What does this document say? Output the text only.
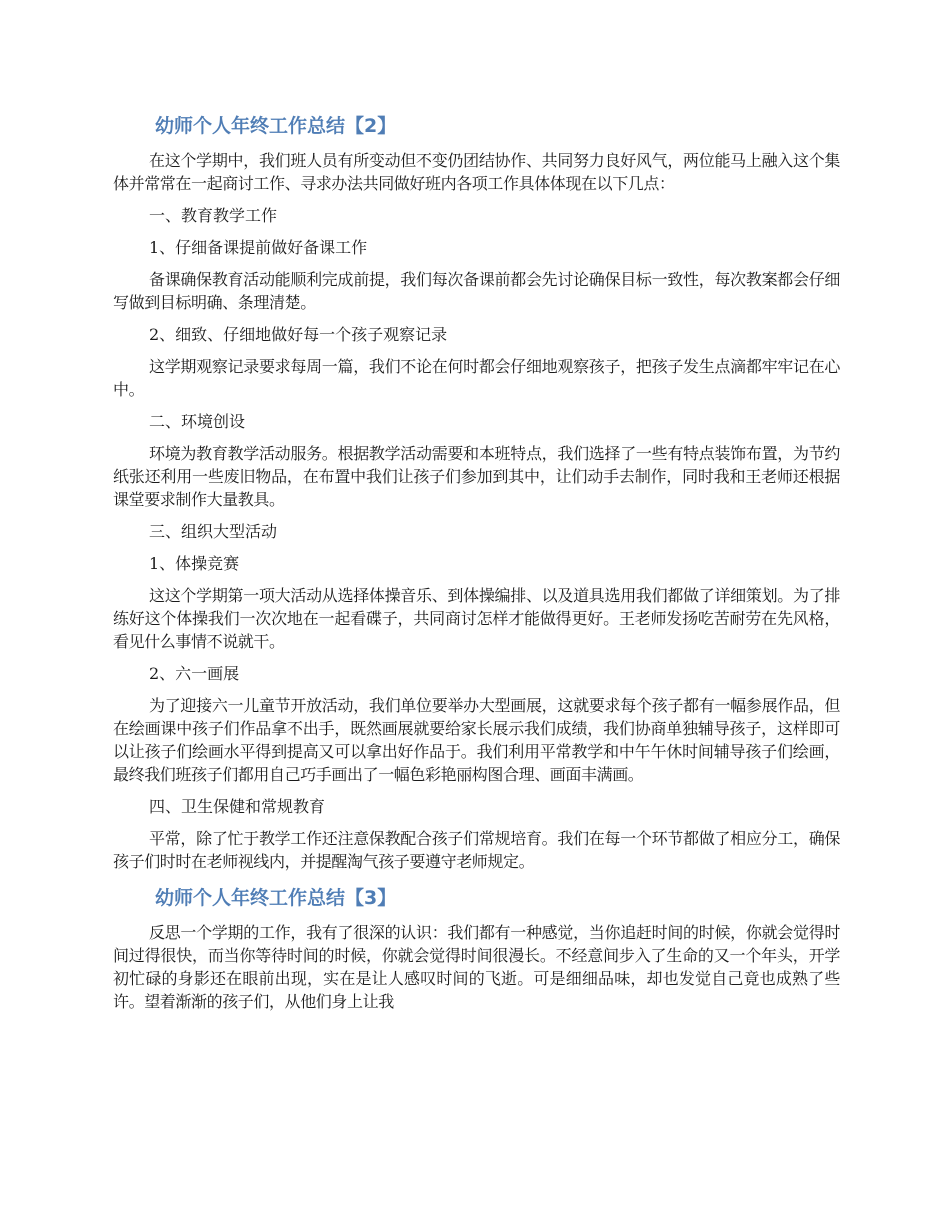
幼师个人年终工作总结【2】

在这个学期中，我们班人员有所变动但不变仍团结协作、共同努力良好风气，两位能马上融入这个集体并常常在一起商讨工作、寻求办法共同做好班内各项工作具体体现在以下几点：

一、教育教学工作

1、仔细备课提前做好备课工作

备课确保教育活动能顺利完成前提，我们每次备课前都会先讨论确保目标一致性，每次教案都会仔细写做到目标明确、条理清楚。

2、细致、仔细地做好每一个孩子观察记录

这学期观察记录要求每周一篇，我们不论在何时都会仔细地观察孩子，把孩子发生点滴都牢牢记在心中。

二、环境创设

环境为教育教学活动服务。根据教学活动需要和本班特点，我们选择了一些有特点装饰布置，为节约纸张还利用一些废旧物品，在布置中我们让孩子们参加到其中，让们动手去制作，同时我和王老师还根据课堂要求制作大量教具。

三、组织大型活动

1、体操竞赛

这这个学期第一项大活动从选择体操音乐、到体操编排、以及道具选用我们都做了详细策划。为了排练好这个体操我们一次次地在一起看碟子，共同商讨怎样才能做得更好。王老师发扬吃苦耐劳在先风格，看见什么事情不说就干。

2、六一画展

为了迎接六一儿童节开放活动，我们单位要举办大型画展，这就要求每个孩子都有一幅参展作品，但在绘画课中孩子们作品拿不出手，既然画展就要给家长展示我们成绩，我们协商单独辅导孩子，这样即可以让孩子们绘画水平得到提高又可以拿出好作品于。我们利用平常教学和中午午休时间辅导孩子们绘画，最终我们班孩子们都用自己巧手画出了一幅色彩艳丽构图合理、画面丰满画。

四、卫生保健和常规教育

平常，除了忙于教学工作还注意保教配合孩子们常规培育。我们在每一个环节都做了相应分工，确保孩子们时时在老师视线内，并提醒淘气孩子要遵守老师规定。

幼师个人年终工作总结【3】

反思一个学期的工作，我有了很深的认识：我们都有一种感觉，当你追赶时间的时候，你就会觉得时间过得很快，而当你等待时间的时候，你就会觉得时间很漫长。不经意间步入了生命的又一个年头，开学初忙碌的身影还在眼前出现，实在是让人感叹时间的飞逝。可是细细品味，却也发觉自己竟也成熟了些许。望着渐渐的孩子们，从他们身上让我
